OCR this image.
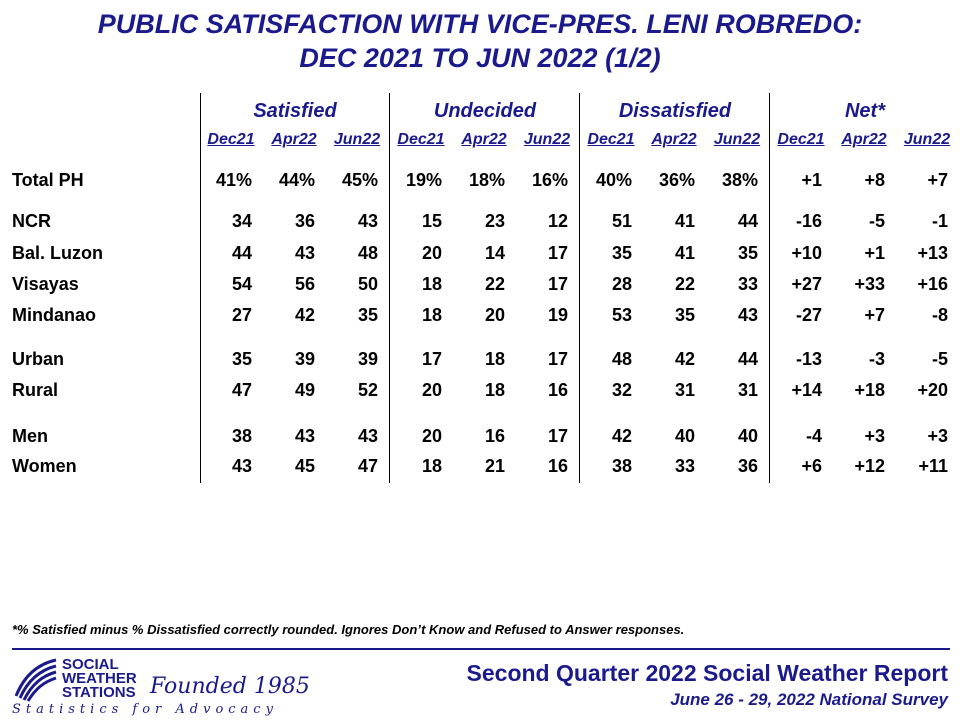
PUBLIC SATISFACTION WITH VICE-PRES. LENI ROBREDO:
DEC 2021 TO JUN 2022 (1/2)
Satisfied	Undecided	Dissatisfied	Net*
Dec21	Apr22	Jun22	Dec21	Apr22	Jun22	Dec21	Apr22	Jun22	Dec21	Apr22	Jun22
Total PH	41%	44%	45%	19%	18%	16%	40%	36%	38%	+1	+8	+7
NCR	34	36	43	15	23	12	51	41	44	-16	-5	-1
Bal. Luzon	44	43	48	20	14	17	35	41	35	+10	+1	+13
Visayas	54	56	50	18	22	17	28	22	33	+27	+33	+16
Mindanao	27	42	35	18	20	19	53	35	43	-27	+7	-8
Urban	35	39	39	17	18	17	48	42	44	-13	-3	-5
Rural	47	49	52	20	18	16	32	31	31	+14	+18	+20
Men	38	43	43	20	16	17	42	40	40	-4	+3	+3
Women	43	45	47	18	21	16	38	33	36	+6	+12	+11
*% Satisfied minus % Dissatisfied correctly rounded. Ignores Don’t Know and Refused to Answer responses.
SOCIAL
WEATHER
STATIONS Founded 1985
Statistics for Advocacy
Second Quarter 2022 Social Weather Report
June 26 - 29, 2022 National Survey
